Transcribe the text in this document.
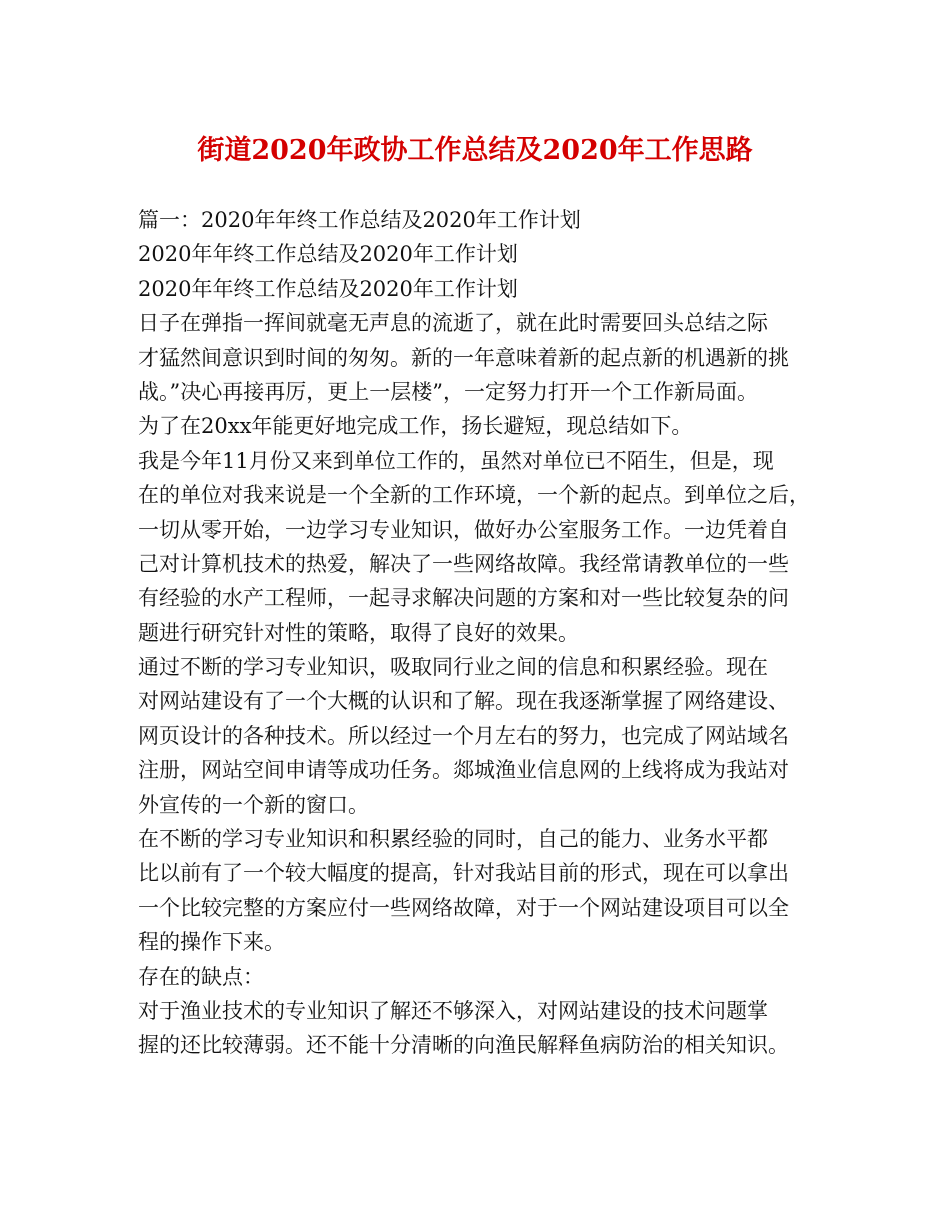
街道2020年政协工作总结及2020年工作思路
篇一：2020年年终工作总结及2020年工作计划
2020年年终工作总结及2020年工作计划
2020年年终工作总结及2020年工作计划
日子在弹指一挥间就毫无声息的流逝了，就在此时需要回头总结之际
才猛然间意识到时间的匆匆。新的一年意味着新的起点新的机遇新的挑
战。”决心再接再厉，更上一层楼”，一定努力打开一个工作新局面。
为了在20xx年能更好地完成工作，扬长避短，现总结如下。
我是今年11月份又来到单位工作的，虽然对单位已不陌生，但是，现
在的单位对我来说是一个全新的工作环境，一个新的起点。到单位之后，
一切从零开始，一边学习专业知识，做好办公室服务工作。一边凭着自
己对计算机技术的热爱，解决了一些网络故障。我经常请教单位的一些
有经验的水产工程师，一起寻求解决问题的方案和对一些比较复杂的问
题进行研究针对性的策略，取得了良好的效果。
通过不断的学习专业知识，吸取同行业之间的信息和积累经验。现在
对网站建设有了一个大概的认识和了解。现在我逐渐掌握了网络建设、
网页设计的各种技术。所以经过一个月左右的努力，也完成了网站域名
注册，网站空间申请等成功任务。郯城渔业信息网的上线将成为我站对
外宣传的一个新的窗口。
在不断的学习专业知识和积累经验的同时，自己的能力、业务水平都
比以前有了一个较大幅度的提高，针对我站目前的形式，现在可以拿出
一个比较完整的方案应付一些网络故障，对于一个网站建设项目可以全
程的操作下来。
存在的缺点：
对于渔业技术的专业知识了解还不够深入，对网站建设的技术问题掌
握的还比较薄弱。还不能十分清晰的向渔民解释鱼病防治的相关知识。
